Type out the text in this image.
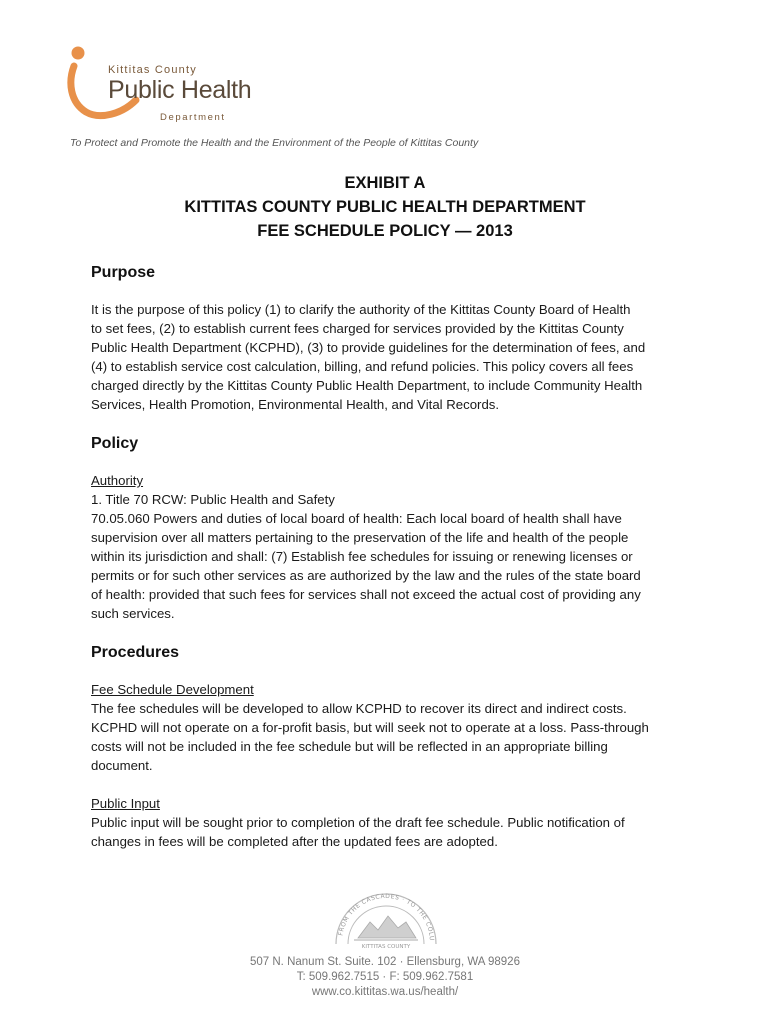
Kittitas County
Public Health
Department
To Protect and Promote the Health and the Environment of the People of Kittitas County
EXHIBIT A
KITTITAS COUNTY PUBLIC HEALTH DEPARTMENT
FEE SCHEDULE POLICY — 2013
Purpose
It is the purpose of this policy (1) to clarify the authority of the Kittitas County Board of Health
to set fees, (2) to establish current fees charged for services provided by the Kittitas County
Public Health Department (KCPHD), (3) to provide guidelines for the determination of fees, and
(4) to establish service cost calculation, billing, and refund policies. This policy covers all fees
charged directly by the Kittitas County Public Health Department, to include Community Health
Services, Health Promotion, Environmental Health, and Vital Records.
Policy
Authority
1. Title 70 RCW: Public Health and Safety
70.05.060 Powers and duties of local board of health: Each local board of health shall have
supervision over all matters pertaining to the preservation of the life and health of the people
within its jurisdiction and shall: (7) Establish fee schedules for issuing or renewing licenses or
permits or for such other services as are authorized by the law and the rules of the state board
of health: provided that such fees for services shall not exceed the actual cost of providing any
such services.
Procedures
Fee Schedule Development
The fee schedules will be developed to allow KCPHD to recover its direct and indirect costs.
KCPHD will not operate on a for-profit basis, but will seek not to operate at a loss. Pass-through
costs will not be included in the fee schedule but will be reflected in an appropriate billing
document.
Public Input
Public input will be sought prior to completion of the draft fee schedule. Public notification of
changes in fees will be completed after the updated fees are adopted.
FROM THE CASCADES · TO THE COLU
KITTITAS COUNTY
507 N. Nanum St. Suite. 102 · Ellensburg, WA 98926
T: 509.962.7515 · F: 509.962.7581
www.co.kittitas.wa.us/health/
